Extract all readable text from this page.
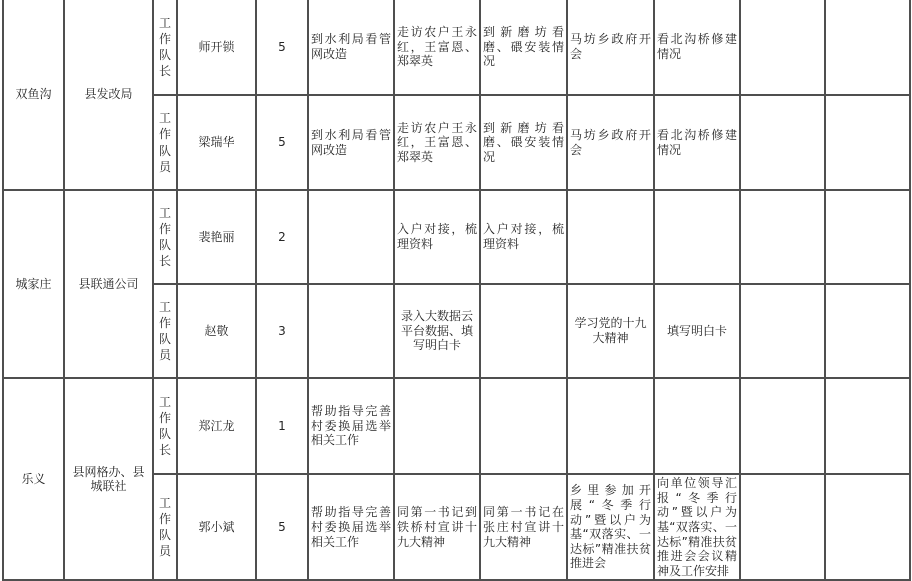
双鱼沟	县发改局	工作队长	师开锁	5	到水利局看管网改造	走访农户王永红，王富恩、郑翠英	到新磨坊看磨、碨安装情况	马坊乡政府开会	看北沟桥修建情况		

		工作队员	梁瑞华	5	到水利局看管网改造	走访农户王永红，王富恩、郑翠英	到新磨坊看磨、碨安装情况	马坊乡政府开会	看北沟桥修建情况		
城家庄	县联通公司	工作队长	裴艳丽	2		入户对接，梳理资料	入户对接，梳理资料				

		工作队员	赵敬	3		录入大数据云平台数据、填写明白卡		学习党的十九大精神	填写明白卡		
乐义	县网格办、县城联社	工作队长	郑江龙	1	帮助指导完善村委换届选举相关工作						

		工作队员	郭小斌	5	帮助指导完善村委换届选举相关工作	同第一书记到铁桥村宣讲十九大精神	同第一书记在张庄村宣讲十九大精神	乡里参加开展“冬季行动”暨以户为基“双落实、一达标”精准扶贫推进会	向单位领导汇报“冬季行动”暨以户为基“双落实、一达标”精准扶贫推进会会议精神及工作安排		
